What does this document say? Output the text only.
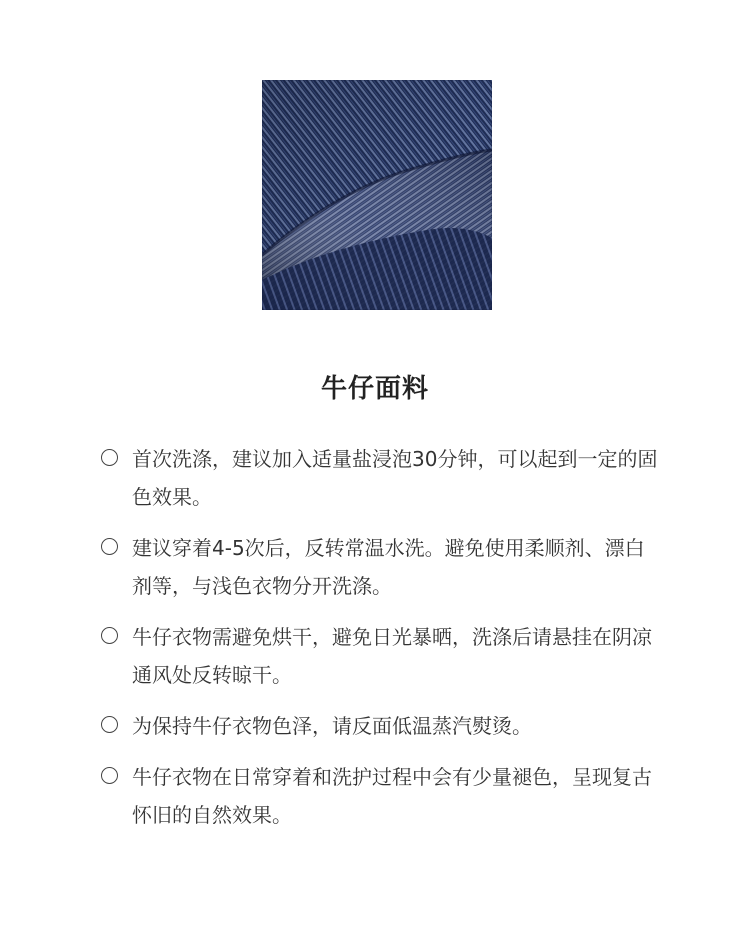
牛仔面料
首次洗涤，建议加入适量盐浸泡30分钟，可以起到一定的固色效果。
建议穿着4-5次后，反转常温水洗。避免使用柔顺剂、漂白剂等，与浅色衣物分开洗涤。
牛仔衣物需避免烘干，避免日光暴晒，洗涤后请悬挂在阴凉通风处反转晾干。
为保持牛仔衣物色泽，请反面低温蒸汽熨烫。
牛仔衣物在日常穿着和洗护过程中会有少量褪色，呈现复古怀旧的自然效果。
